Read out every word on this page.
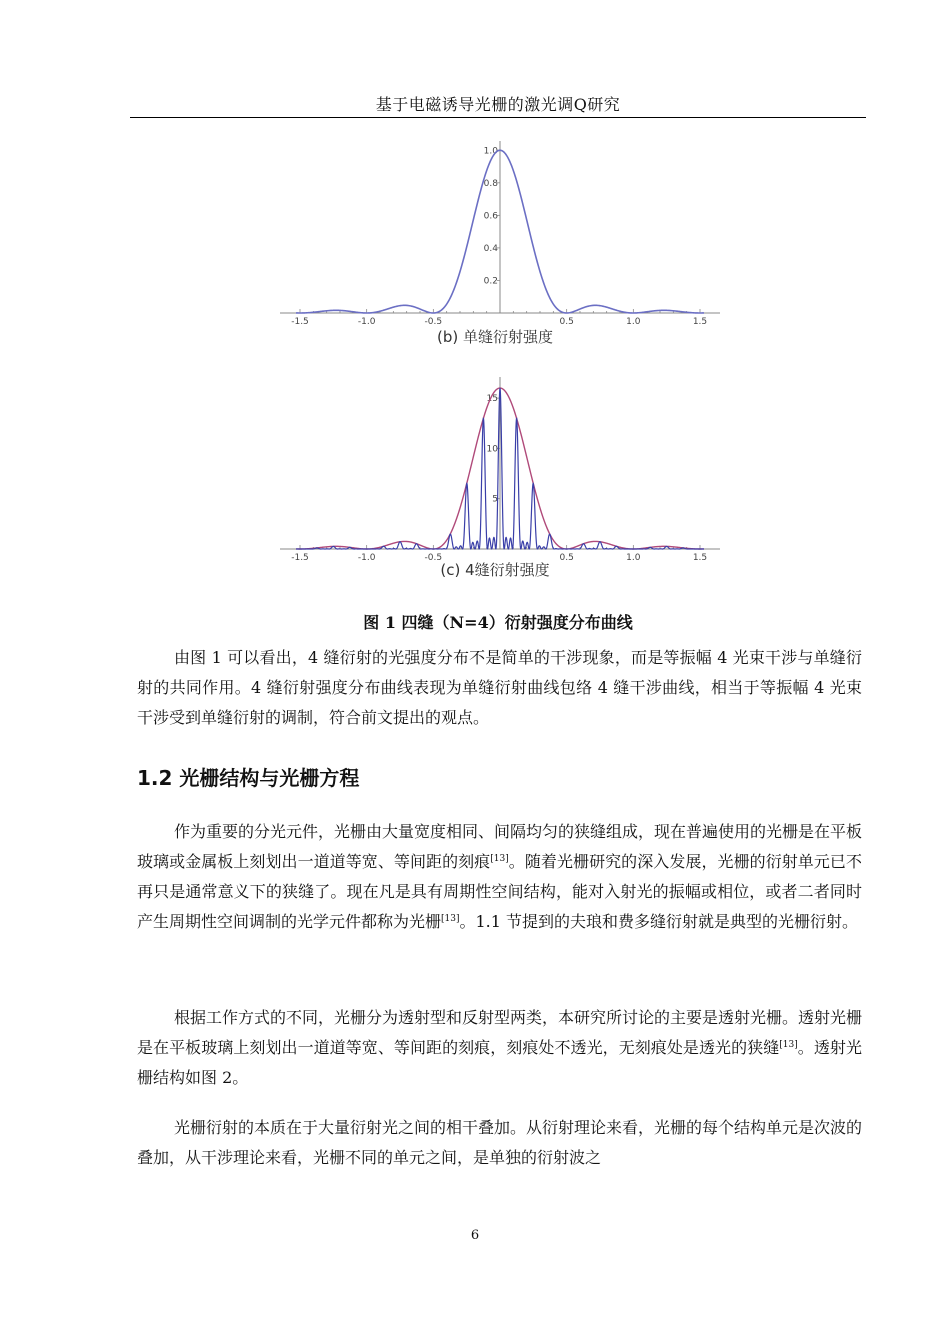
基于电磁诱导光栅的激光调Q研究
-1.5	-1.0	-0.5	0.5	1.0	1.5
0.2
0.4
0.6
0.8
1.0
(b) 单缝衍射强度
-1.5	-1.0	-0.5	0.5	1.0	1.5
5
10
15
(c) 4缝衍射强度
图 1 四缝（N=4）衍射强度分布曲线

由图 1 可以看出，4 缝衍射的光强度分布不是简单的干涉现象，而是等振幅 4 光束干涉与单缝衍射的共同作用。4 缝衍射强度分布曲线表现为单缝衍射曲线包络 4 缝干涉曲线，相当于等振幅 4 光束干涉受到单缝衍射的调制，符合前文提出的观点。

1.2 光栅结构与光栅方程

作为重要的分光元件，光栅由大量宽度相同、间隔均匀的狭缝组成，现在普遍使用的光栅是在平板玻璃或金属板上刻划出一道道等宽、等间距的刻痕[13]。随着光栅研究的深入发展，光栅的衍射单元已不再只是通常意义下的狭缝了。现在凡是具有周期性空间结构，能对入射光的振幅或相位，或者二者同时产生周期性空间调制的光学元件都称为光栅[13]。1.1 节提到的夫琅和费多缝衍射就是典型的光栅衍射。

根据工作方式的不同，光栅分为透射型和反射型两类，本研究所讨论的主要是透射光栅。透射光栅是在平板玻璃上刻划出一道道等宽、等间距的刻痕，刻痕处不透光，无刻痕处是透光的狭缝[13]。透射光栅结构如图 2。

光栅衍射的本质在于大量衍射光之间的相干叠加。从衍射理论来看，光栅的每个结构单元是次波的叠加，从干涉理论来看，光栅不同的单元之间，是单独的衍射波之

6
